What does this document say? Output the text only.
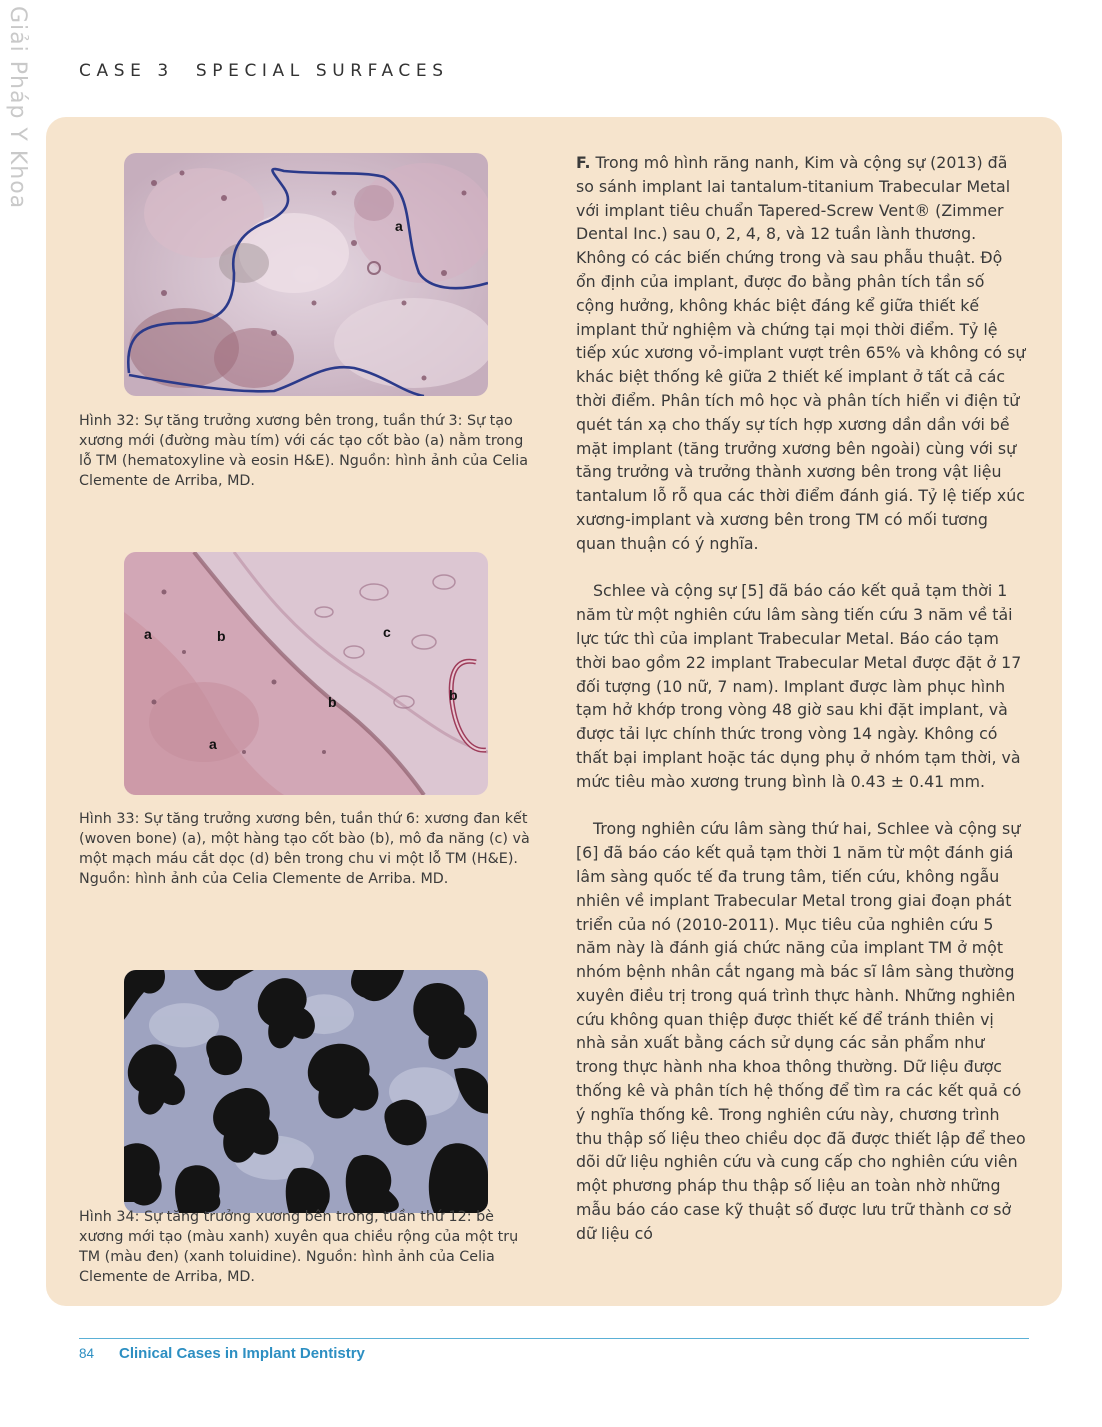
Giải Pháp Y Khoa	CASE 3 SPECIAL SURFACES
a
Hình 32: Sự tăng trưởng xương bên trong, tuần thứ 3: Sự tạo xương mới (đường màu tím) với các tạo cốt bào (a) nằm trong lỗ TM (hematoxyline và eosin H&E). Nguồn: hình ảnh của Celia Clemente de Arriba, MD.
a	b	c
b	b
a
Hình 33: Sự tăng trưởng xương bên, tuần thứ 6: xương đan kết (woven bone) (a), một hàng tạo cốt bào (b), mô đa năng (c) và một mạch máu cắt dọc (d) bên trong chu vi một lỗ TM (H&E). Nguồn: hình ảnh của Celia Clemente de Arriba. MD.
Hình 34: Sự tăng trưởng xương bên trong, tuần thứ 12: bè xương mới tạo (màu xanh) xuyên qua chiều rộng của một trụ TM (màu đen) (xanh toluidine). Nguồn: hình ảnh của Celia Clemente de Arriba, MD.

F. Trong mô hình răng nanh, Kim và cộng sự (2013) đã so sánh implant lai tantalum-titanium Trabecular Metal với implant tiêu chuẩn Tapered-Screw Vent® (Zimmer Dental Inc.) sau 0, 2, 4, 8, và 12 tuần lành thương. Không có các biến chứng trong và sau phẫu thuật. Độ ổn định của implant, được đo bằng phân tích tần số cộng hưởng, không khác biệt đáng kể giữa thiết kế implant thử nghiệm và chứng tại mọi thời điểm. Tỷ lệ tiếp xúc xương vỏ-implant vượt trên 65% và không có sự khác biệt thống kê giữa 2 thiết kế implant ở tất cả các thời điểm. Phân tích mô học và phân tích hiển vi điện tử quét tán xạ cho thấy sự tích hợp xương dần dần với bề mặt implant (tăng trưởng xương bên ngoài) cùng với sự tăng trưởng và trưởng thành xương bên trong vật liệu tantalum lỗ rỗ qua các thời điểm đánh giá. Tỷ lệ tiếp xúc xương-implant và xương bên trong TM có mối tương quan thuận có ý nghĩa.

Schlee và cộng sự [5] đã báo cáo kết quả tạm thời 1 năm từ một nghiên cứu lâm sàng tiến cứu 3 năm về tải lực tức thì của implant Trabecular Metal. Báo cáo tạm thời bao gồm 22 implant Trabecular Metal được đặt ở 17 đối tượng (10 nữ, 7 nam). Implant được làm phục hình tạm hở khớp trong vòng 48 giờ sau khi đặt implant, và được tải lực chính thức trong vòng 14 ngày. Không có thất bại implant hoặc tác dụng phụ ở nhóm tạm thời, và mức tiêu mào xương trung bình là 0.43 ± 0.41 mm.

Trong nghiên cứu lâm sàng thứ hai, Schlee và cộng sự [6] đã báo cáo kết quả tạm thời 1 năm từ một đánh giá lâm sàng quốc tế đa trung tâm, tiến cứu, không ngẫu nhiên về implant Trabecular Metal trong giai đoạn phát triển của nó (2010-2011). Mục tiêu của nghiên cứu 5 năm này là đánh giá chức năng của implant TM ở một nhóm bệnh nhân cắt ngang mà bác sĩ lâm sàng thường xuyên điều trị trong quá trình thực hành. Những nghiên cứu không quan thiệp được thiết kế để tránh thiên vị nhà sản xuất bằng cách sử dụng các sản phẩm như trong thực hành nha khoa thông thường. Dữ liệu được thống kê và phân tích hệ thống để tìm ra các kết quả có ý nghĩa thống kê. Trong nghiên cứu này, chương trình thu thập số liệu theo chiều dọc đã được thiết lập để theo dõi dữ liệu nghiên cứu và cung cấp cho nghiên cứu viên một phương pháp thu thập số liệu an toàn nhờ những mẫu báo cáo case kỹ thuật số được lưu trữ thành cơ sở dữ liệu có

84 Clinical Cases in Implant Dentistry
